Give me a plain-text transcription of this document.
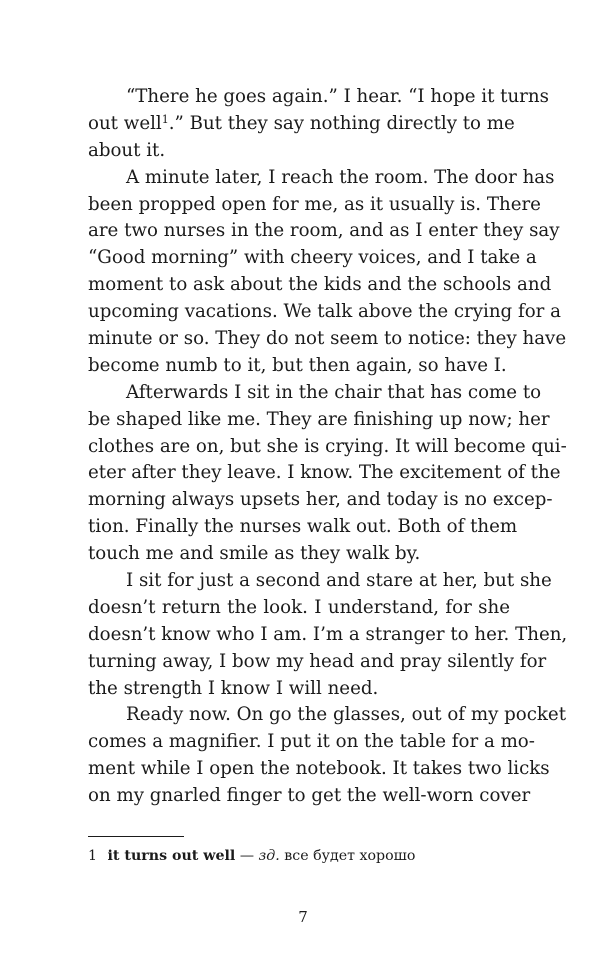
“There he goes again.” I hear. “I hope it turns
out well$^1$.” But they say nothing directly to me
about it.
A minute later, I reach the room. The door has
been propped open for me, as it usually is. There
are two nurses in the room, and as I enter they say
“Good morning” with cheery voices, and I take a
moment to ask about the kids and the schools and
upcoming vacations. We talk above the crying for a
minute or so. They do not seem to notice: they have
become numb to it, but then again, so have I.
Afterwards I sit in the chair that has come to
be shaped like me. They are finishing up now; her
clothes are on, but she is crying. It will become qui-
eter after they leave. I know. The excitement of the
morning always upsets her, and today is no excep-
tion. Finally the nurses walk out. Both of them
touch me and smile as they walk by.
I sit for just a second and stare at her, but she
doesn’t return the look. I understand, for she
doesn’t know who I am. I’m a stranger to her. Then,
turning away, I bow my head and pray silently for
the strength I know I will need.
Ready now. On go the glasses, out of my pocket
comes a magnifier. I put it on the table for a mo-
ment while I open the notebook. It takes two licks
on my gnarled finger to get the well-worn cover
1 it turns out well — зд. все будет хорошо
7
